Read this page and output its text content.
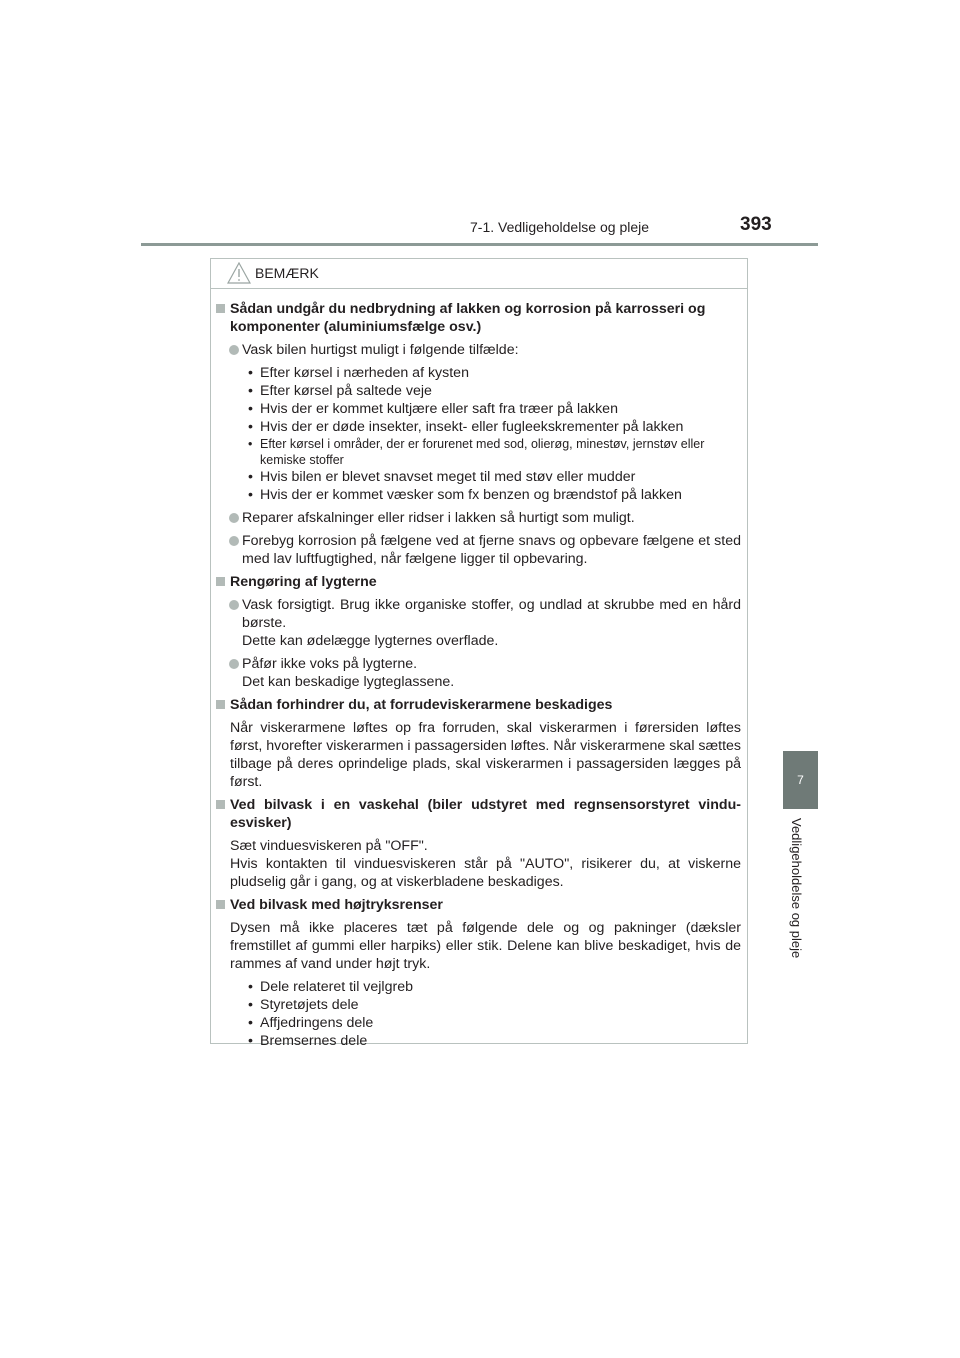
7-1. Vedligeholdelse og pleje	393
7
Vedligeholdelse og pleje
BEMÆRK
Sådan undgår du nedbrydning af lakken og korrosion på karrosseri og komponenter (aluminiumsfælge osv.)
Vask bilen hurtigst muligt i følgende tilfælde:
• Efter kørsel i nærheden af kysten
• Efter kørsel på saltede veje
• Hvis der er kommet kultjære eller saft fra træer på lakken
• Hvis der er døde insekter, insekt- eller fugleekskrementer på lakken
• Efter kørsel i områder, der er forurenet med sod, olierøg, minestøv, jernstøv eller kemiske stoffer
• Hvis bilen er blevet snavset meget til med støv eller mudder
• Hvis der er kommet væsker som fx benzen og brændstof på lakken
Reparer afskalninger eller ridser i lakken så hurtigt som muligt.
Forebyg korrosion på fælgene ved at fjerne snavs og opbevare fælgene et sted med lav luftfugtighed, når fælgene ligger til opbevaring.
Rengøring af lygterne
Vask forsigtigt. Brug ikke organiske stoffer, og undlad at skrubbe med en hård børste.
Dette kan ødelægge lygternes overflade.
Påfør ikke voks på lygterne.
Det kan beskadige lygteglassene.
Sådan forhindrer du, at forrudeviskerarmene beskadiges
Når viskerarmene løftes op fra forruden, skal viskerarmen i førersiden løftes først, hvorefter viskerarmen i passagersiden løftes. Når viskerarmene skal sættes tilbage på deres oprindelige plads, skal viskerarmen i passagersiden lægges på først.
Ved bilvask i en vaskehal (biler udstyret med regnsensorstyret vinduesvisker)
Sæt vinduesviskeren på "OFF".
Hvis kontakten til vinduesviskeren står på "AUTO", risikerer du, at viskerne pludselig går i gang, og at viskerbladene beskadiges.
Ved bilvask med højtryksrenser
Dysen må ikke placeres tæt på følgende dele og og pakninger (dæksler fremstillet af gummi eller harpiks) eller stik. Delene kan blive beskadiget, hvis de rammes af vand under højt tryk.
• Dele relateret til vejlgreb
• Styretøjets dele
• Affjedringens dele
• Bremsernes dele
